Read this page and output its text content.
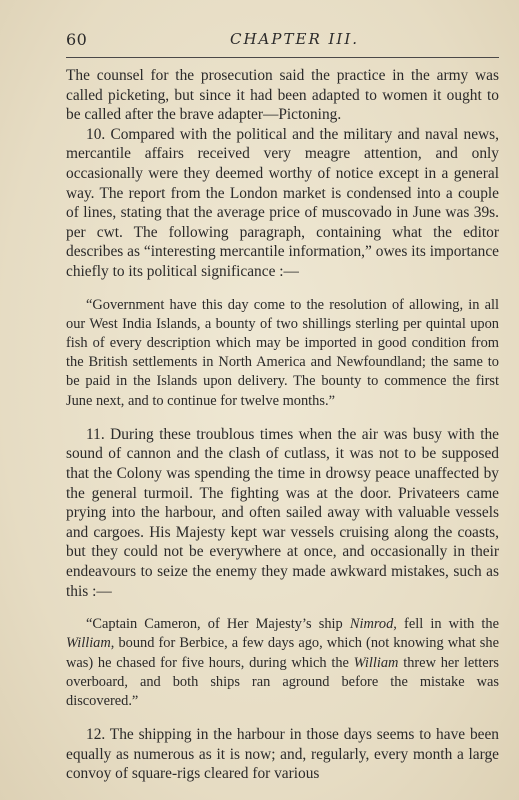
60	CHAPTER III.

The counsel for the prosecution said the practice in the army was called picketing, but since it had been adapted to women it ought to be called after the brave adapter—Pictoning.

10. Compared with the political and the military and naval news, mercantile affairs received very meagre attention, and only occasionally were they deemed worthy of notice except in a general way. The report from the London market is condensed into a couple of lines, stating that the average price of muscovado in June was 39s. per cwt. The following paragraph, containing what the editor describes as “interesting mercantile information,” owes its importance chiefly to its political significance :—

“Government have this day come to the resolution of allowing, in all our West India Islands, a bounty of two shillings sterling per quintal upon fish of every description which may be imported in good condition from the British settlements in North America and Newfoundland; the same to be paid in the Islands upon delivery. The bounty to commence the first June next, and to continue for twelve months.”

11. During these troublous times when the air was busy with the sound of cannon and the clash of cutlass, it was not to be supposed that the Colony was spending the time in drowsy peace unaffected by the general turmoil. The fighting was at the door. Privateers came prying into the harbour, and often sailed away with valuable vessels and cargoes. His Majesty kept war vessels cruising along the coasts, but they could not be everywhere at once, and occasionally in their endeavours to seize the enemy they made awkward mistakes, such as this :—

“Captain Cameron, of Her Majesty’s ship Nimrod, fell in with the William, bound for Berbice, a few days ago, which (not knowing what she was) he chased for five hours, during which the William threw her letters overboard, and both ships ran aground before the mistake was discovered.”

12. The shipping in the harbour in those days seems to have been equally as numerous as it is now; and, regularly, every month a large convoy of square-rigs cleared for various
